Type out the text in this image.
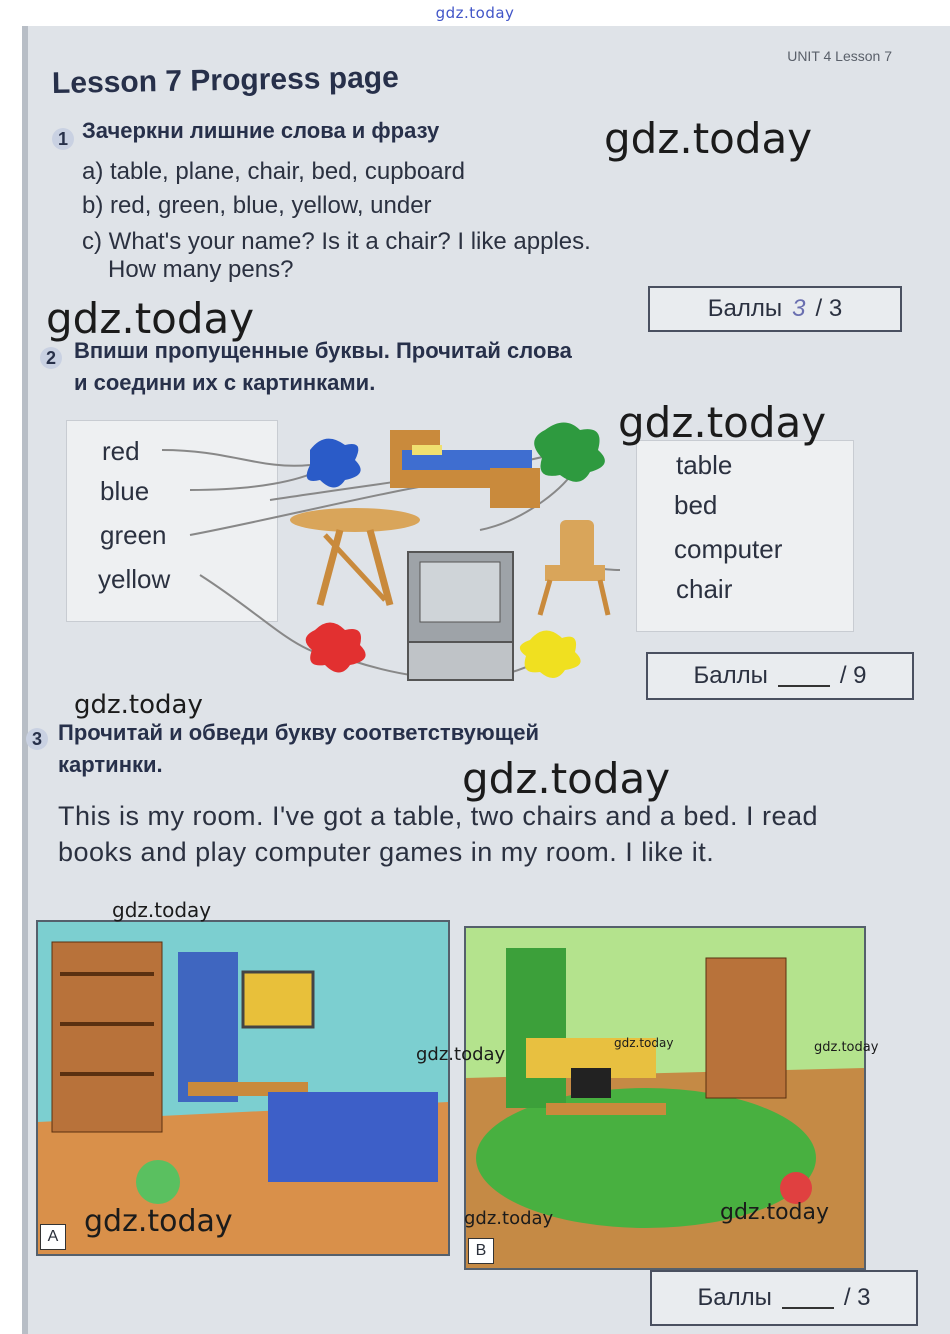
gdz.today
UNIT 4 Lesson 7
Lesson 7 Progress page
1 Зачеркни лишние слова и фразу
a) table, plane, chair, bed, cupboard
b) red, green, blue, yellow, under
c) What's your name? Is it a chair? I like apples.
How many pens?
Баллы 3 / 3
2 Впиши пропущенные буквы. Прочитай слова
и соедини их с картинками.
red
blue
green
yellow
table
bed
computer
chair
Баллы	/ 9
3 Прочитай и обведи букву соответствующей
картинки.
This is my room. I've got a table, two chairs and a bed. I read books and play computer games in my room. I like it.
A
B
Баллы	/ 3
gdz.today
gdz.today
gdz.today
gdz.today
gdz.today
gdz.today
gdz.today
gdz.today	gdz.today
gdz.today	gdz.today	gdz.today
